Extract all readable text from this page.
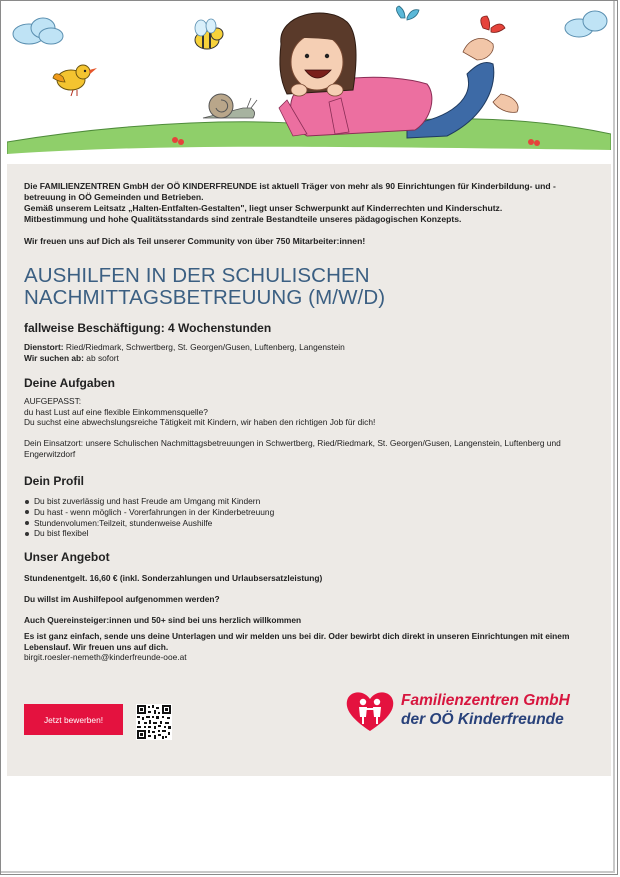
Die FAMILIENZENTREN GmbH der OÖ KINDERFREUNDE ist aktuell Träger von mehr als 90 Einrichtungen für Kinderbildung- und -betreuung in OÖ Gemeinden und Betrieben.

Gemäß unserem Leitsatz „Halten-Entfalten-Gestalten", liegt unser Schwerpunkt auf Kinderrechten und Kinderschutz.

Mitbestimmung und hohe Qualitätsstandards sind zentrale Bestandteile unseres pädagogischen Konzepts.

Wir freuen uns auf Dich als Teil unserer Community von über 750 Mitarbeiter:innen!

AUSHILFEN IN DER SCHULISCHEN
NACHMITTAGSBETREUUNG (M/W/D)
fallweise Beschäftigung: 4 Wochenstunden
Dienstort: Ried/Riedmark, Schwertberg, St. Georgen/Gusen, Luftenberg, Langenstein
Wir suchen ab: ab sofort
Deine Aufgaben

AUFGEPASST:

du hast Lust auf eine flexible Einkommensquelle?

Du suchst eine abwechslungsreiche Tätigkeit mit Kindern, wir haben den richtigen Job für dich!

Dein Einsatzort: unsere Schulischen Nachmittagsbetreuungen in Schwertberg, Ried/Riedmark, St. Georgen/Gusen, Langenstein, Luftenberg und Engerwitzdorf

Dein Profil
Du bist zuverlässig und hast Freude am Umgang mit Kindern
Du hast - wenn möglich - Vorerfahrungen in der Kinderbetreuung
Stundenvolumen:Teilzeit, stundenweise Aushilfe
Du bist flexibel
Unser Angebot

Stundenentgelt. 16,60 € (inkl. Sonderzahlungen und Urlaubsersatzleistung)

Du willst im Aushilfepool aufgenommen werden?

Auch Quereinsteiger:innen und 50+ sind bei uns herzlich willkommen

Es ist ganz einfach, sende uns deine Unterlagen und wir melden uns bei dir. Oder bewirbt dich direkt in unseren Einrichtungen mit einem Lebenslauf. Wir freuen uns auf dich.

birgit.roesler-nemeth@kinderfreunde-ooe.at

Jetzt bewerben!
Familienzentren GmbH
der OÖ Kinderfreunde
